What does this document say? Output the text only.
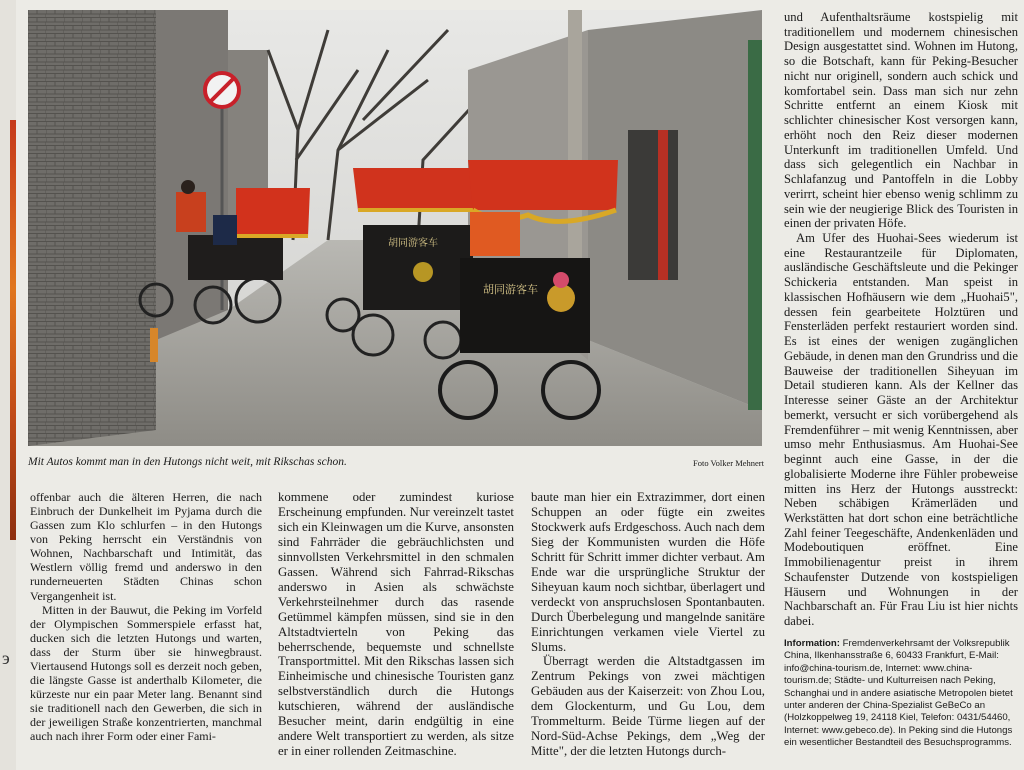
э
胡同游客车
胡同游客车
Mit Autos kommt man in den Hutongs nicht weit, mit Rikschas schon.	Foto Volker Mehnert

offenbar auch die älteren Herren, die nach Einbruch der Dunkelheit im Pyjama durch die Gassen zum Klo schlurfen – in den Hutongs von Peking herrscht ein Verständnis von Wohnen, Nachbarschaft und Intimität, das Westlern völlig fremd und anderswo in den runderneuerten Städten Chinas schon Vergangenheit ist.

Mitten in der Bauwut, die Peking im Vorfeld der Olympischen Sommerspiele erfasst hat, ducken sich die letzten Hutongs und warten, dass der Sturm über sie hinwegbraust. Viertausend Hutongs soll es derzeit noch geben, die längste Gasse ist anderthalb Kilometer, die kürzeste nur ein paar Meter lang. Benannt sind sie traditionell nach den Gewerben, die sich in der jeweiligen Straße konzentrierten, manchmal auch nach ihrer Form oder einer Fami-

kommene oder zumindest kuriose Erscheinung empfunden. Nur vereinzelt tastet sich ein Kleinwagen um die Kurve, ansonsten sind Fahrräder die gebräuchlichsten und sinnvollsten Verkehrsmittel in den schmalen Gassen. Während sich Fahrrad-Rikschas anderswo in Asien als schwächste Verkehrsteilnehmer durch das rasende Getümmel kämpfen müssen, sind sie in den Altstadtvierteln von Peking das beherrschende, bequemste und schnellste Transportmittel. Mit den Rikschas lassen sich Einheimische und chinesische Touristen ganz selbstverständlich durch die Hutongs kutschieren, während der ausländische Besucher meint, darin endgültig in eine andere Welt transportiert zu werden, als sitze er in einer rollenden Zeitmaschine.

baute man hier ein Extrazimmer, dort einen Schuppen an oder fügte ein zweites Stockwerk aufs Erdgeschoss. Auch nach dem Sieg der Kommunisten wurden die Höfe Schritt für Schritt immer dichter verbaut. Am Ende war die ursprüngliche Struktur der Siheyuan kaum noch sichtbar, überlagert und verdeckt von anspruchslosen Spontanbauten. Durch Überbelegung und mangelnde sanitäre Einrichtungen verkamen viele Viertel zu Slums.

Überragt werden die Altstadtgassen im Zentrum Pekings von zwei mächtigen Gebäuden aus der Kaiserzeit: von Zhou Lou, dem Glockenturm, und Gu Lou, dem Trommelturm. Beide Türme liegen auf der Nord-Süd-Achse Pekings, dem „Weg der Mitte", der die letzten Hutongs durch-

und Aufenthaltsräume kostspielig mit traditionellem und modernem chinesischen Design ausgestattet sind. Wohnen im Hutong, so die Botschaft, kann für Peking-Besucher nicht nur originell, sondern auch schick und komfortabel sein. Dass man sich nur zehn Schritte entfernt an einem Kiosk mit schlichter chinesischer Kost versorgen kann, erhöht noch den Reiz dieser modernen Unterkunft im traditionellen Umfeld. Und dass sich gelegentlich ein Nachbar in Schlafanzug und Pantoffeln in die Lobby verirrt, scheint hier ebenso wenig schlimm zu sein wie der neugierige Blick des Touristen in einen der privaten Höfe.

Am Ufer des Huohai-Sees wiederum ist eine Restaurantzeile für Diplomaten, ausländische Geschäftsleute und die Pekinger Schickeria entstanden. Man speist in klassischen Hofhäusern wie dem „Huohai5", dessen fein gearbeitete Holztüren und Fensterläden perfekt restauriert worden sind. Es ist eines der wenigen zugänglichen Gebäude, in denen man den Grundriss und die Bauweise der traditionellen Siheyuan im Detail studieren kann. Als der Kellner das Interesse seiner Gäste an der Architektur bemerkt, versucht er sich vorübergehend als Fremdenführer – mit wenig Kenntnissen, aber umso mehr Enthusiasmus. Am Huohai-See beginnt auch eine Gasse, in der die globalisierte Moderne ihre Fühler probeweise mitten ins Herz der Hutongs ausstreckt: Neben schäbigen Krämerläden und Werkstätten hat dort schon eine beträchtliche Zahl feiner Teegeschäfte, Andenkenläden und Modeboutiquen eröffnet. Eine Immobilienagentur preist in ihrem Schaufenster Dutzende von kostspieligen Häusern und Wohnungen in der Nachbarschaft an. Für Frau Liu ist hier nichts dabei.

Information: Fremdenverkehrsamt der Volksrepublik China, Ilkenhansstraße 6, 60433 Frankfurt, E-Mail: info@china-tourism.de, Internet: www.china-tourism.de; Städte- und Kulturreisen nach Peking, Schanghai und in andere asiatische Metropolen bietet unter anderen der China-Spezialist GeBeCo an (Holzkoppelweg 19, 24118 Kiel, Telefon: 0431/54460, Internet: www.gebeco.de). In Peking sind die Hutongs ein wesentlicher Bestandteil des Besuchsprogramms.
